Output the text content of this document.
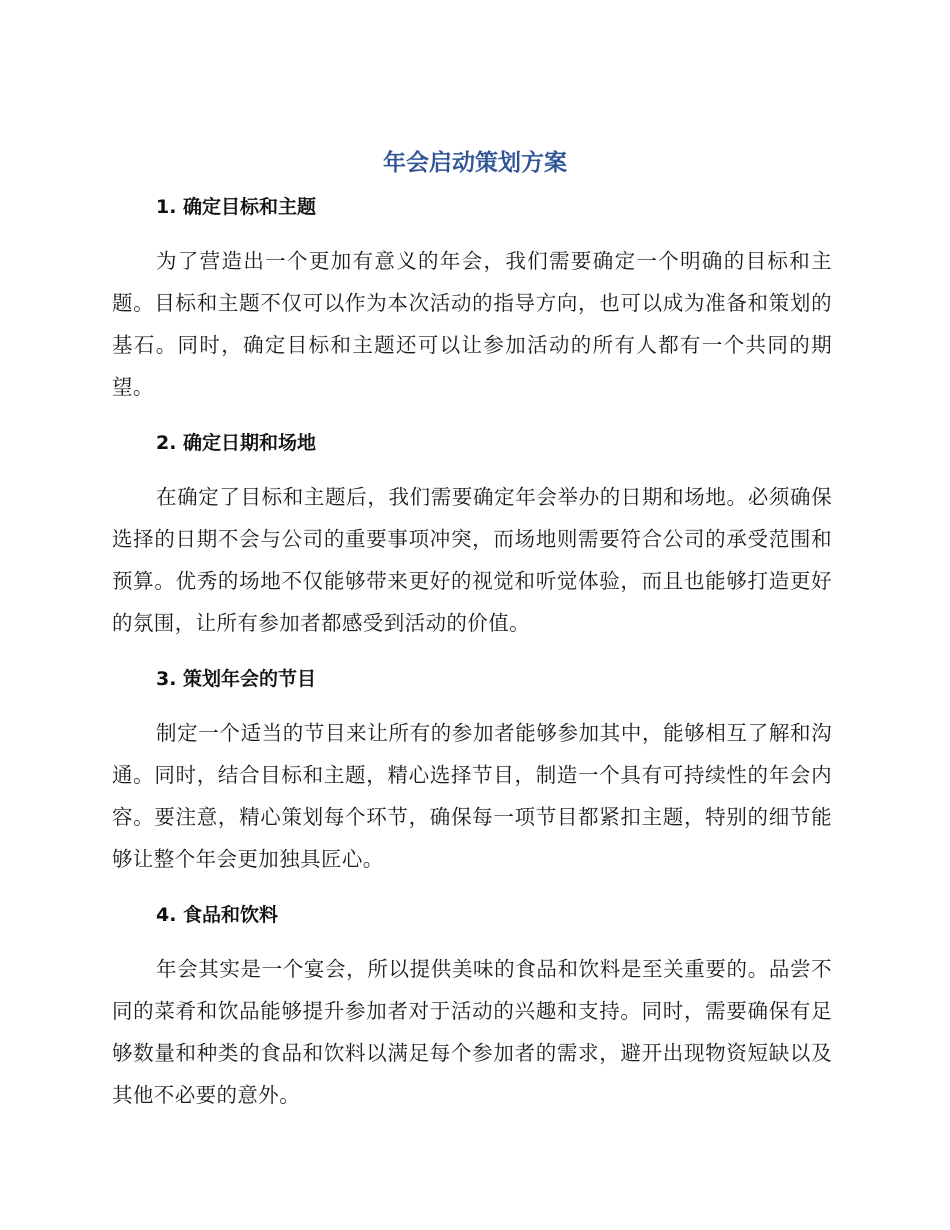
年会启动策划方案
1. 确定目标和主题

为了营造出一个更加有意义的年会，我们需要确定一个明确的目标和主题。目标和主题不仅可以作为本次活动的指导方向，也可以成为准备和策划的基石。同时，确定目标和主题还可以让参加活动的所有人都有一个共同的期望。

2. 确定日期和场地

在确定了目标和主题后，我们需要确定年会举办的日期和场地。必须确保选择的日期不会与公司的重要事项冲突，而场地则需要符合公司的承受范围和预算。优秀的场地不仅能够带来更好的视觉和听觉体验，而且也能够打造更好的氛围，让所有参加者都感受到活动的价值。

3. 策划年会的节目

制定一个适当的节目来让所有的参加者能够参加其中，能够相互了解和沟通。同时，结合目标和主题，精心选择节目，制造一个具有可持续性的年会内容。要注意，精心策划每个环节，确保每一项节目都紧扣主题，特别的细节能够让整个年会更加独具匠心。

4. 食品和饮料

年会其实是一个宴会，所以提供美味的食品和饮料是至关重要的。品尝不同的菜肴和饮品能够提升参加者对于活动的兴趣和支持。同时，需要确保有足够数量和种类的食品和饮料以满足每个参加者的需求，避开出现物资短缺以及其他不必要的意外。
